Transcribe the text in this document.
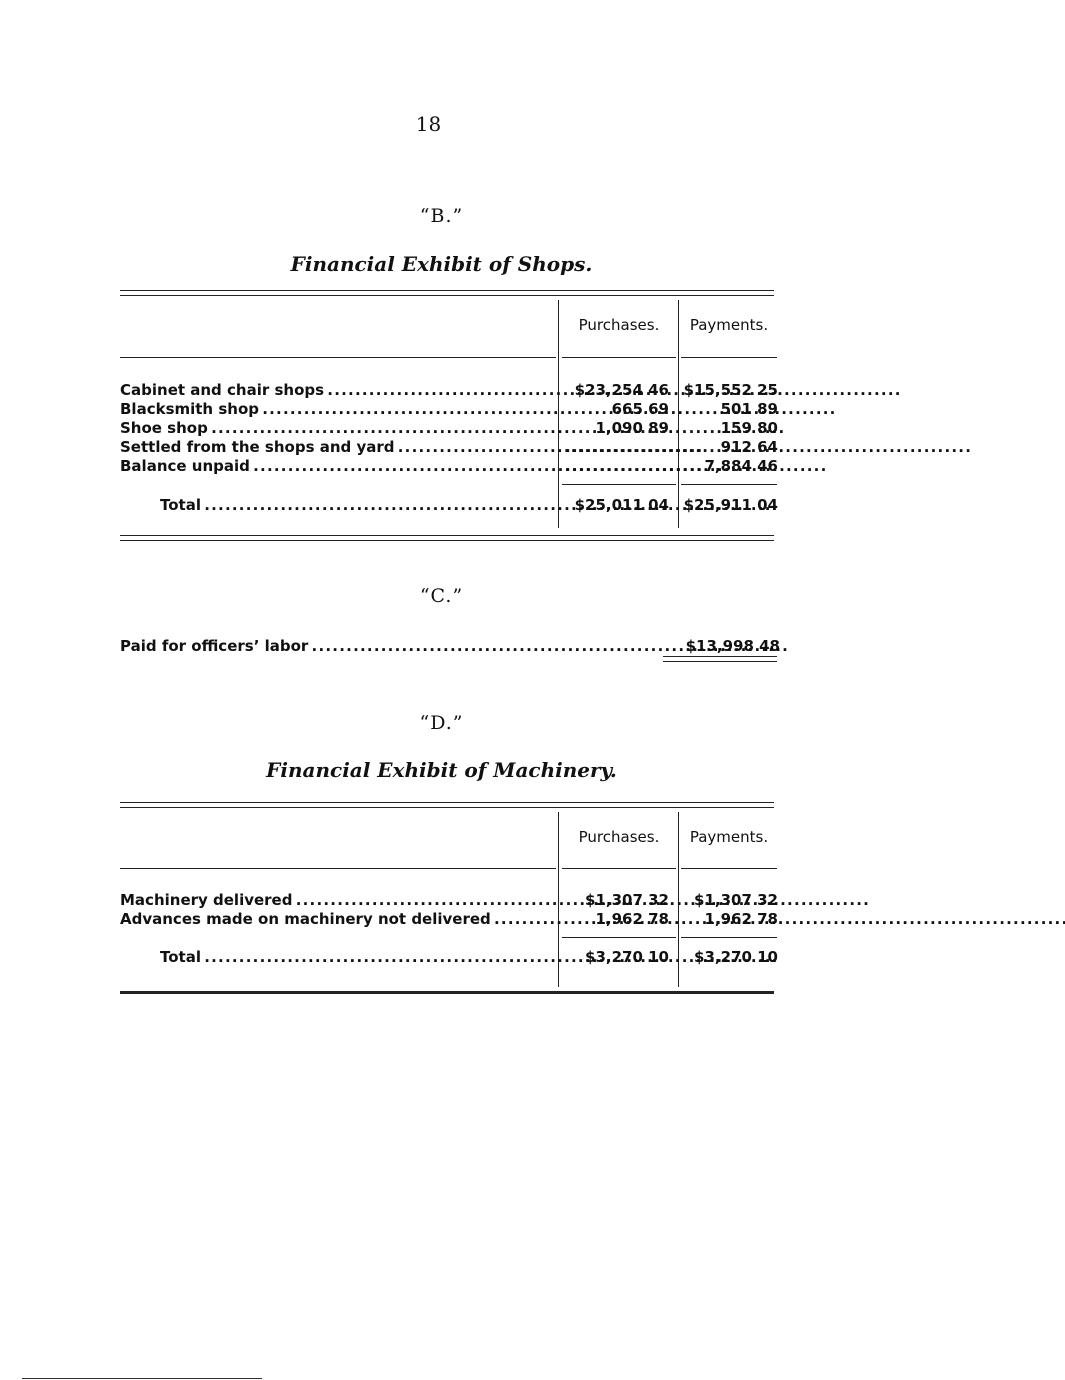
18
“B.”
Financial Exhibit of Shops.
Purchases.	Payments.
Cabinet and chair shops . . .	$23,254 46 $15,552 25
Blacksmith shop . . .	665 69	501 89
Shoe shop . . .	1,090 89	159 80
Settled from the shops and yard . . .	. . . . . . . . . . . . . . . . . . . .	912 64
Balance unpaid . . .	. . . . . . . . . . . . . . . . . . . . 7,884 46
Total . . .	$25,011 04 $25,911 04
“C.”
Paid for officers’ labor . . .	$13,998 48
“D.”
Financial Exhibit of Machinery.
Purchases.	Payments.
Machinery delivered . . .	$1,307 32	$1,307 32
Advances made on machinery not delivered . . .	1,962 78	1,962 78
Total . . .	$3,270 10	$3,270 10
